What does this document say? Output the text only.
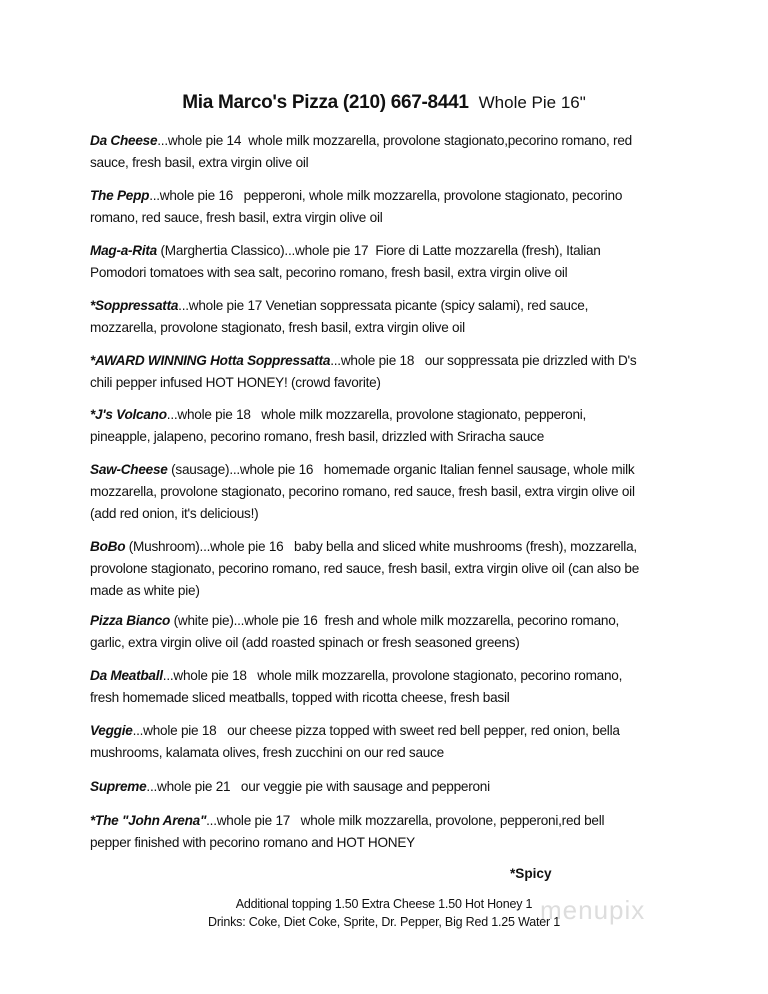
Mia Marco's Pizza (210) 667-8441 Whole Pie 16"
Da Cheese...whole pie 14  whole milk mozzarella, provolone stagionato,pecorino romano, red
sauce, fresh basil, extra virgin olive oil
The Pepp...whole pie 16   pepperoni, whole milk mozzarella, provolone stagionato, pecorino
romano, red sauce, fresh basil, extra virgin olive oil
Mag-a-Rita (Marghertia Classico)...whole pie 17  Fiore di Latte mozzarella (fresh), Italian
Pomodori tomatoes with sea salt, pecorino romano, fresh basil, extra virgin olive oil
*Soppressatta...whole pie 17 Venetian soppressata picante (spicy salami), red sauce,
mozzarella, provolone stagionato, fresh basil, extra virgin olive oil
*AWARD WINNING Hotta Soppressatta...whole pie 18   our soppressata pie drizzled with D's
chili pepper infused HOT HONEY! (crowd favorite)
*J's Volcano...whole pie 18   whole milk mozzarella, provolone stagionato, pepperoni,
pineapple, jalapeno, pecorino romano, fresh basil, drizzled with Sriracha sauce
Saw-Cheese (sausage)...whole pie 16   homemade organic Italian fennel sausage, whole milk
mozzarella, provolone stagionato, pecorino romano, red sauce, fresh basil, extra virgin olive oil
(add red onion, it's delicious!)
BoBo (Mushroom)...whole pie 16   baby bella and sliced white mushrooms (fresh), mozzarella,
provolone stagionato, pecorino romano, red sauce, fresh basil, extra virgin olive oil (can also be
made as white pie)
Pizza Bianco (white pie)...whole pie 16  fresh and whole milk mozzarella, pecorino romano,
garlic, extra virgin olive oil (add roasted spinach or fresh seasoned greens)
Da Meatball...whole pie 18   whole milk mozzarella, provolone stagionato, pecorino romano,
fresh homemade sliced meatballs, topped with ricotta cheese, fresh basil
Veggie...whole pie 18   our cheese pizza topped with sweet red bell pepper, red onion, bella
mushrooms, kalamata olives, fresh zucchini on our red sauce
Supreme...whole pie 21   our veggie pie with sausage and pepperoni
*The "John Arena"...whole pie 17   whole milk mozzarella, provolone, pepperoni,red bell
pepper finished with pecorino romano and HOT HONEY
*Spicy
menupix
Additional topping 1.50 Extra Cheese 1.50 Hot Honey 1
Drinks: Coke, Diet Coke, Sprite, Dr. Pepper, Big Red 1.25 Water 1
